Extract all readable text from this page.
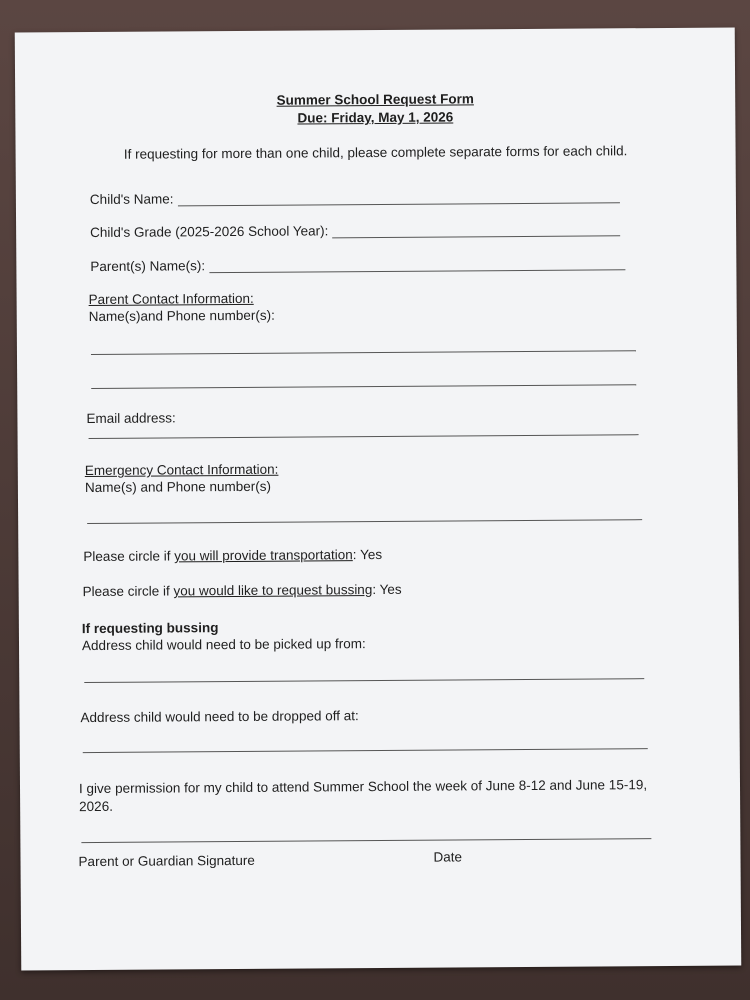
Summer School Request Form
Due: Friday, May 1, 2026
If requesting for more than one child, please complete separate forms for each child.
Child's Name:
Child's Grade (2025-2026 School Year):
Parent(s) Name(s):
Parent Contact Information:
Name(s)and Phone number(s):
Email address:
Emergency Contact Information:
Name(s) and Phone number(s)
Please circle if you will provide transportation: Yes
Please circle if you would like to request bussing: Yes
If requesting bussing
Address child would need to be picked up from:
Address child would need to be dropped off at:
I give permission for my child to attend Summer School the week of June 8-12 and June 15-19,
2026.
Parent or Guardian Signature	Date
